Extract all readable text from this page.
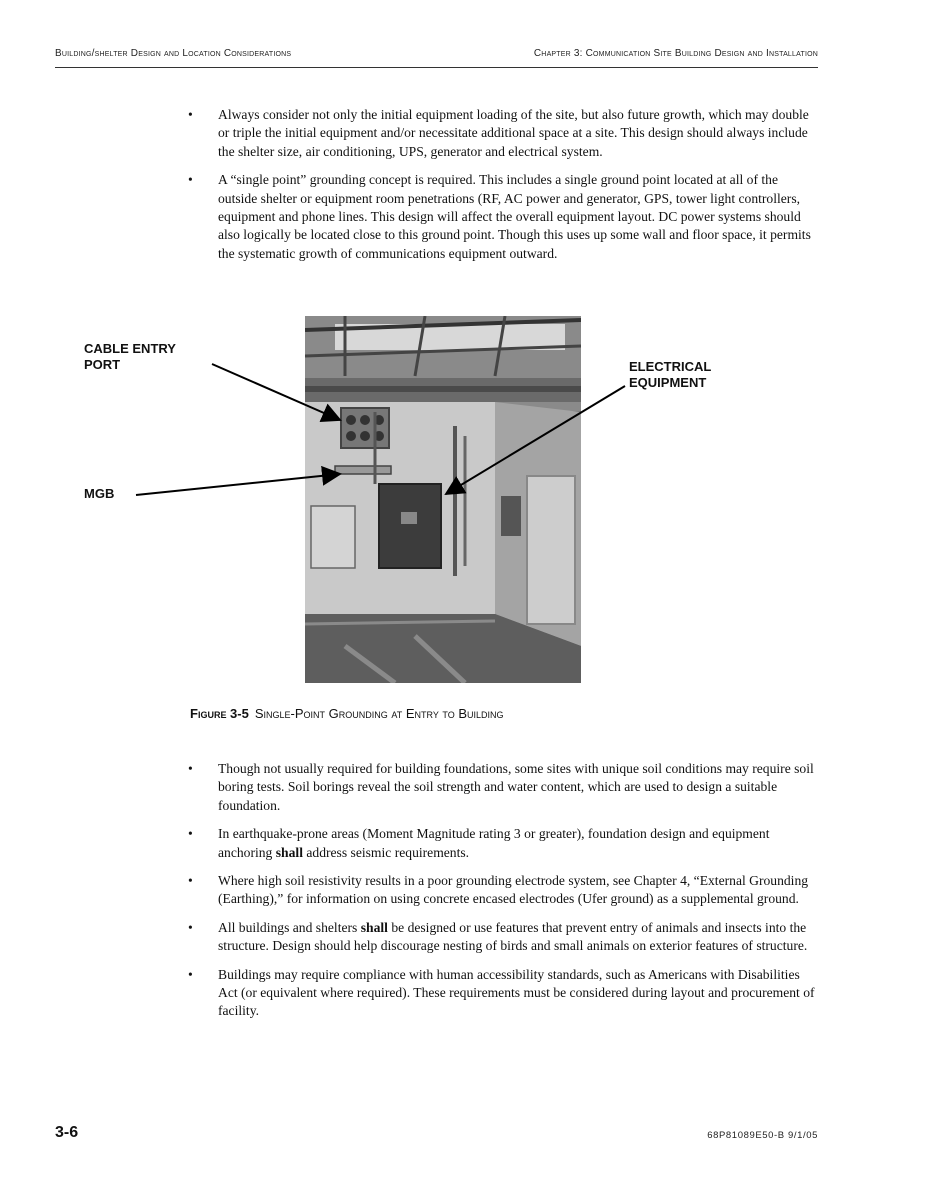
Building/shelter Design and Location Considerations	Chapter 3: Communication Site Building Design and Installation
• Always consider not only the initial equipment loading of the site, but also future growth, which may double or triple the initial equipment and/or necessitate additional space at a site. This design should always include the shelter size, air conditioning, UPS, generator and electrical system.
• A “single point” grounding concept is required. This includes a single ground point located at all of the outside shelter or equipment room penetrations (RF, AC power and generator, GPS, tower light controllers, equipment and phone lines. This design will affect the overall equipment layout. DC power systems should also logically be located close to this ground point. Though this uses up some wall and floor space, it permits the systematic growth of communications equipment outward.
CABLE ENTRY PORT	ELECTRICAL EQUIPMENT
MGB
Figure 3-5 Single-Point Grounding at Entry to Building
• Though not usually required for building foundations, some sites with unique soil conditions may require soil boring tests. Soil borings reveal the soil strength and water content, which are used to design a suitable foundation.
• In earthquake-prone areas (Moment Magnitude rating 3 or greater), foundation design and equipment anchoring shall address seismic requirements.
• Where high soil resistivity results in a poor grounding electrode system, see Chapter 4, “External Grounding (Earthing),” for information on using concrete encased electrodes (Ufer ground) as a supplemental ground.
• All buildings and shelters shall be designed or use features that prevent entry of animals and insects into the structure. Design should help discourage nesting of birds and small animals on exterior features of structure.
• Buildings may require compliance with human accessibility standards, such as Americans with Disabilities Act (or equivalent where required). These requirements must be considered during layout and procurement of facility.
3-6	68P81089E50-B 9/1/05
